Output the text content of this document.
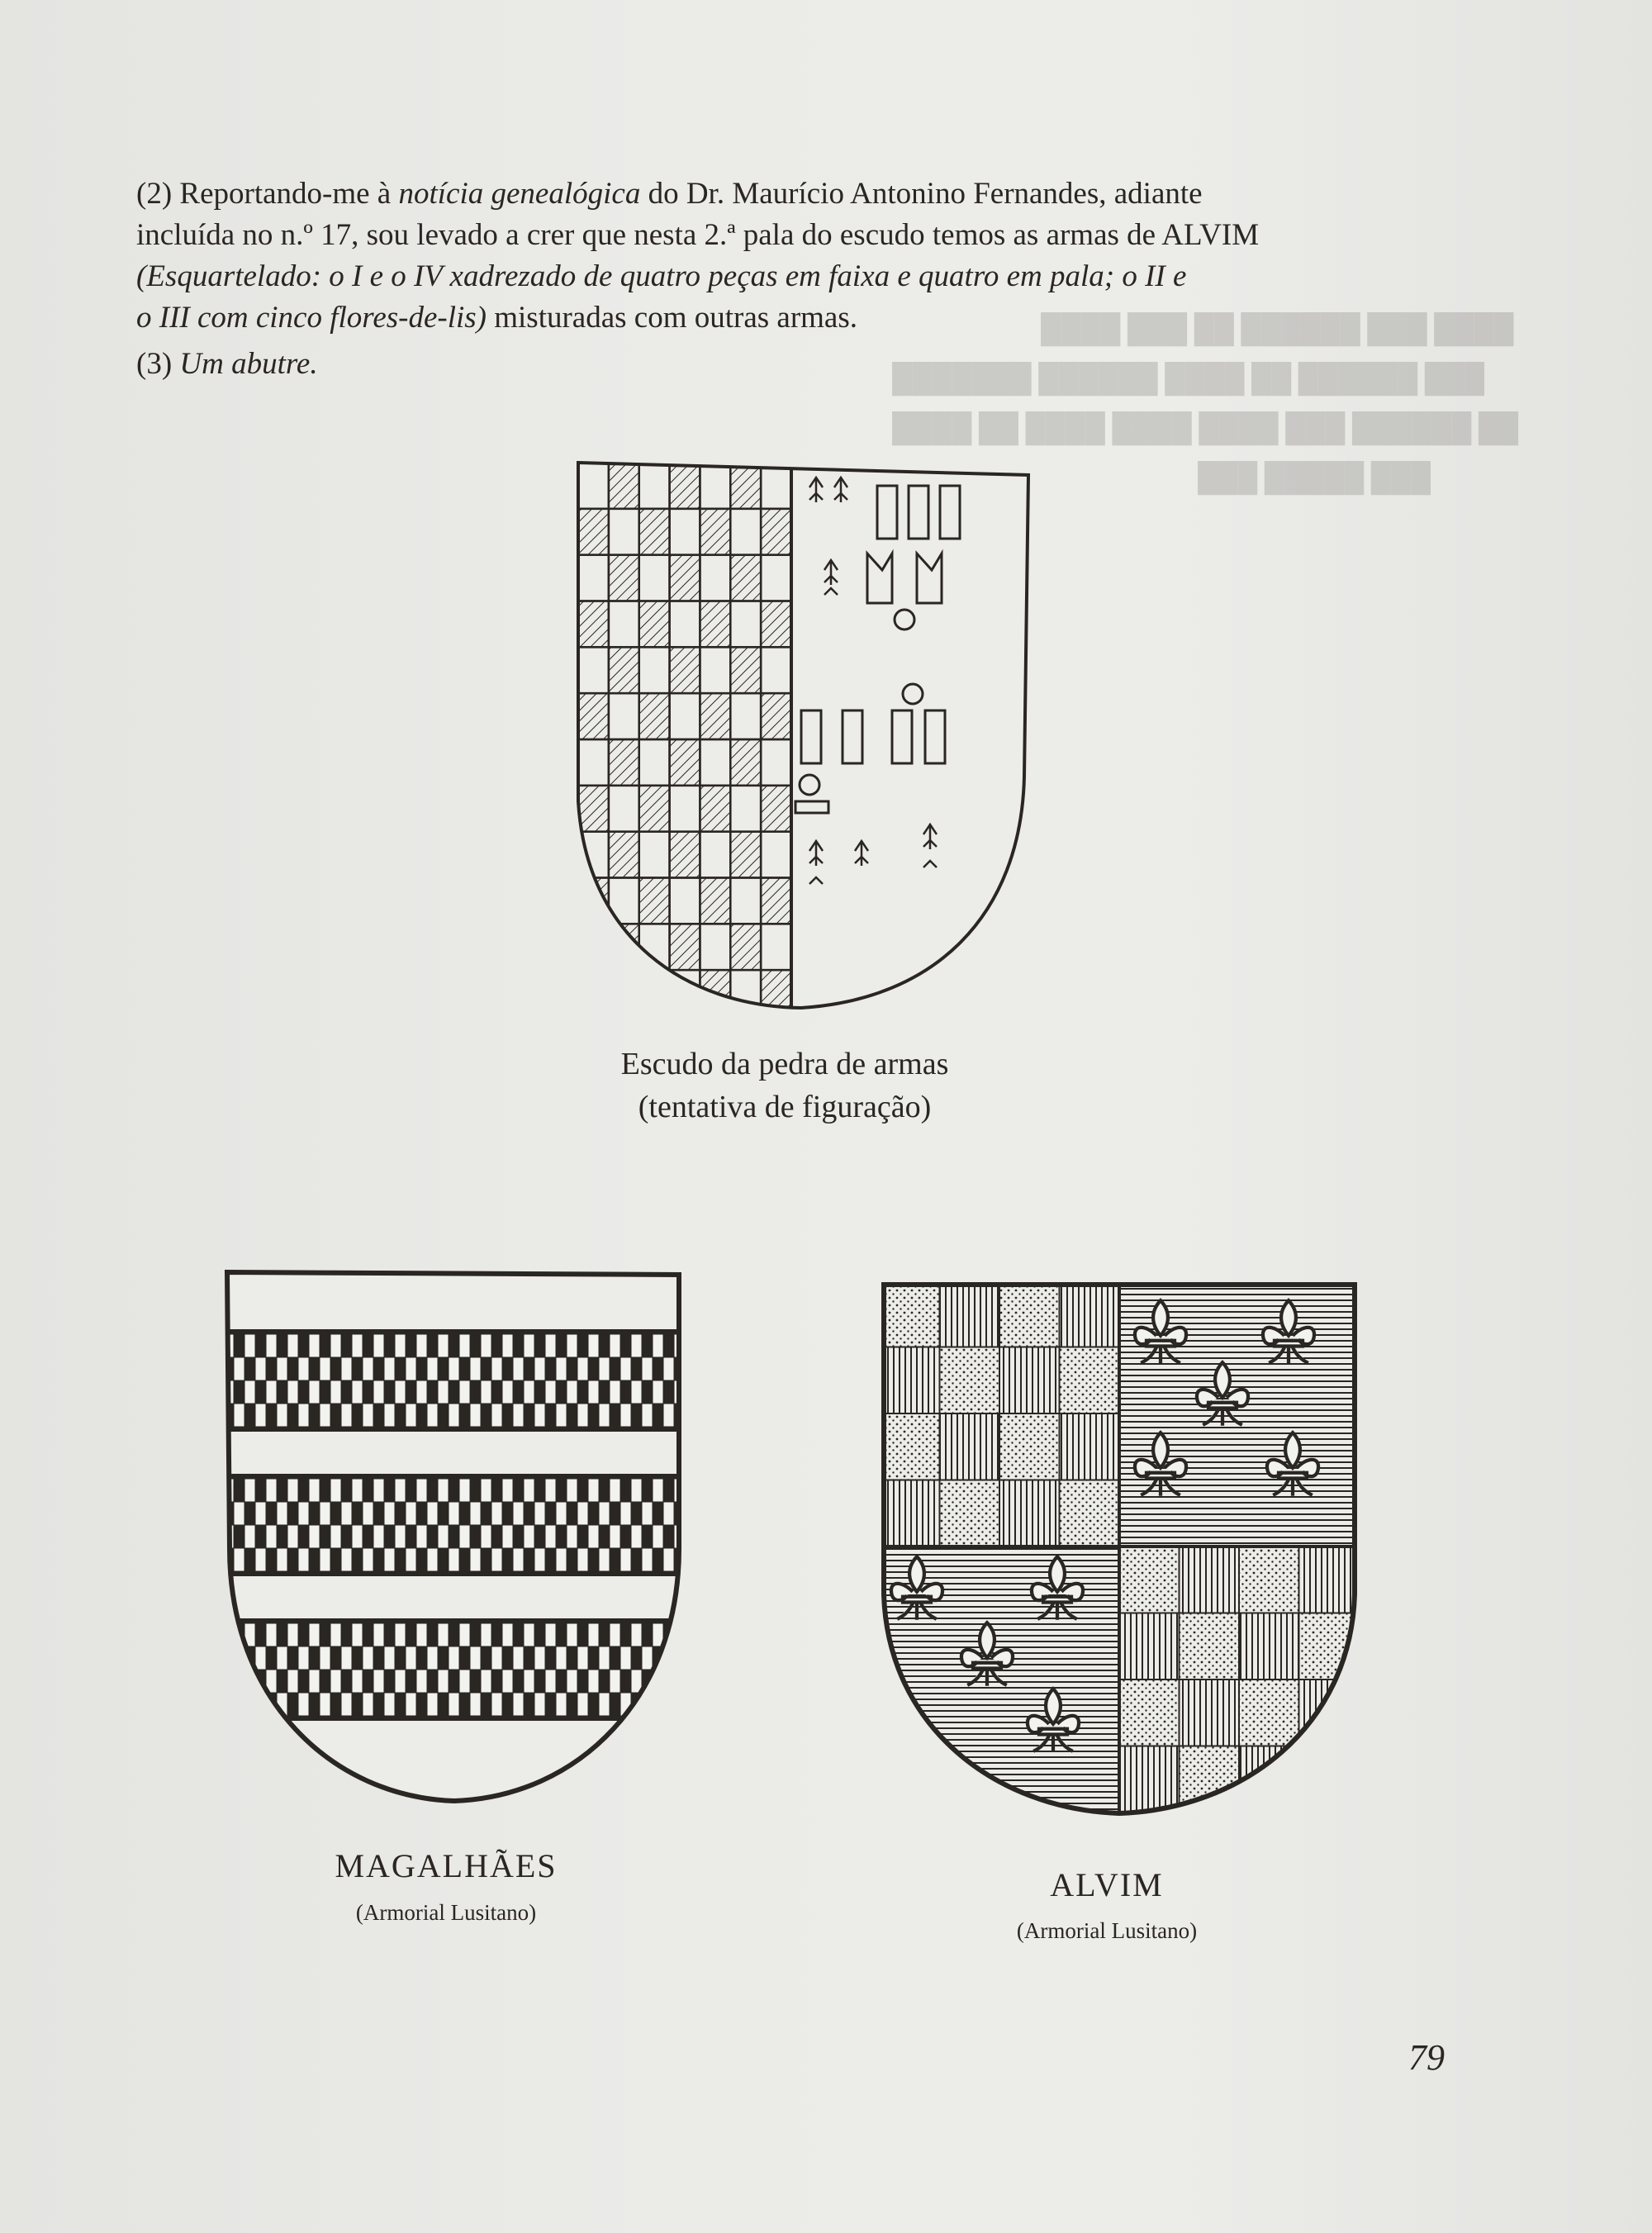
████ ███ ██████ ██ ███ ████
███ ██████ ██ ████ ██████ ███████
██ ██████ ███ ████ ████ ████ ██ ████
███ █████ ███
(2) Reportando-me à notícia genealógica do Dr. Maurício Antonino Fernandes, adiante
incluída no n.º 17, sou levado a crer que nesta 2.ª pala do escudo temos as armas de ALVIM
(Esquartelado: o I e o IV xadrezado de quatro peças em faixa e quatro em pala; o II e
o III com cinco flores-de-lis) misturadas com outras armas.
(3) Um abutre.
Escudo da pedra de armas
(tentativa de figuração)
MAGALHÃES
(Armorial Lusitano)
ALVIM
(Armorial Lusitano)
79
